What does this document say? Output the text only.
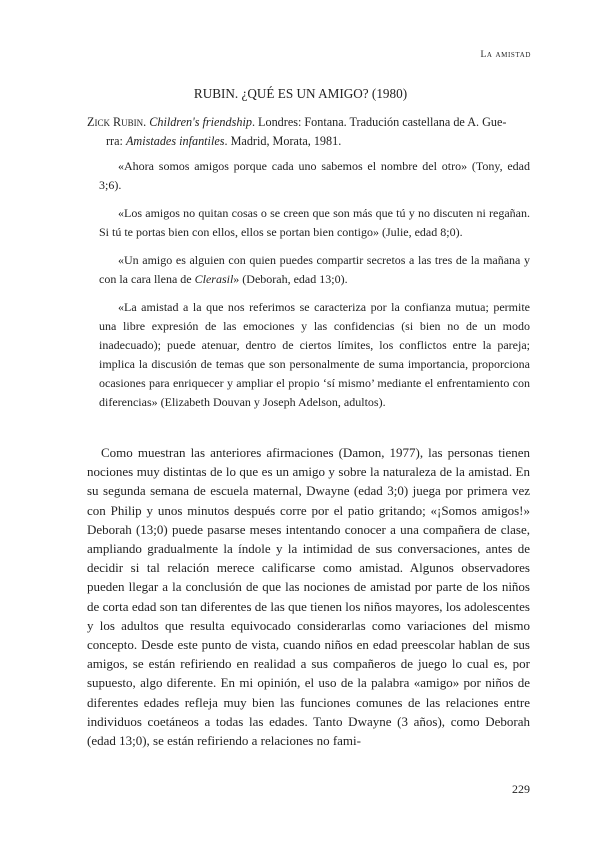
La amistad
RUBIN. ¿QUÉ ES UN AMIGO? (1980)
Zick Rubin. Children's friendship. Londres: Fontana. Tradución castellana de A. Gue-
rra: Amistades infantiles. Madrid, Morata, 1981.

«Ahora somos amigos porque cada uno sabemos el nombre del otro» (Tony, edad 3;6).

«Los amigos no quitan cosas o se creen que son más que tú y no discuten ni regañan. Si tú te portas bien con ellos, ellos se portan bien contigo» (Julie, edad 8;0).

«Un amigo es alguien con quien puedes compartir secretos a las tres de la mañana y con la cara llena de Clerasil» (Deborah, edad 13;0).

«La amistad a la que nos referimos se caracteriza por la confianza mutua; permite una libre expresión de las emociones y las confidencias (si bien no de un modo inadecuado); puede atenuar, dentro de ciertos límites, los conflictos entre la pareja; implica la discusión de temas que son personalmente de suma importancia, proporciona ocasiones para enriquecer y ampliar el propio ‘sí mismo’ mediante el enfrentamiento con diferencias» (Elizabeth Douvan y Joseph Adelson, adultos).

Como muestran las anteriores afirmaciones (Damon, 1977), las personas tienen nociones muy distintas de lo que es un amigo y sobre la naturaleza de la amistad. En su segunda semana de escuela maternal, Dwayne (edad 3;0) juega por primera vez con Philip y unos minutos después corre por el patio gritando; «¡Somos amigos!» Deborah (13;0) puede pasarse meses intentando conocer a una compañera de clase, ampliando gradualmente la índole y la intimidad de sus conversaciones, antes de decidir si tal relación merece calificarse como amistad. Algunos observadores pueden llegar a la conclusión de que las nociones de amistad por parte de los niños de corta edad son tan diferentes de las que tienen los niños mayores, los adolescentes y los adultos que resulta equivocado considerarlas como variaciones del mismo concepto. Desde este punto de vista, cuando niños en edad preescolar hablan de sus amigos, se están refiriendo en realidad a sus compañeros de juego lo cual es, por supuesto, algo diferente. En mi opinión, el uso de la palabra «amigo» por niños de diferentes edades refleja muy bien las funciones comunes de las relaciones entre individuos coetáneos a todas las edades. Tanto Dwayne (3 años), como Deborah (edad 13;0), se están refiriendo a relaciones no fami-

229
